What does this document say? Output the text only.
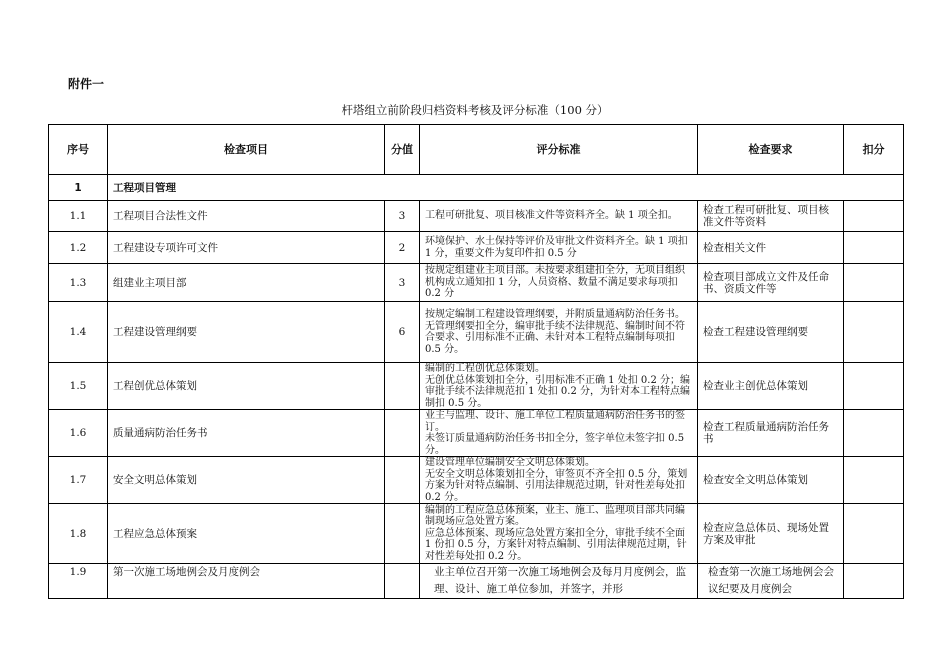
附件一
杆塔组立前阶段归档资料考核及评分标准（100 分）
序号	检查项目	分值	评分标准	检查要求	扣分
1	工程项目管理				
1.1	工程项目合法性文件	3	工程可研批复、项目核准文件等资料齐全。缺 1 项全扣。	检查工程可研批复、项目核准文件等资料	
1.2	工程建设专项许可文件	2	环境保护、水土保持等评价及审批文件资料齐全。缺 1 项扣 1 分，重要文件为复印件扣 0.5 分	检查相关文件	
1.3	组建业主项目部	3	按规定组建业主项目部。未按要求组建扣全分，无项目组织机构成立通知扣 1 分，人员资格、数量不满足要求每项扣 0.2 分	检查项目部成立文件及任命书、资质文件等	
1.4	工程建设管理纲要	6	按规定编制工程建设管理纲要，并附质量通病防治任务书。
无管理纲要扣全分，编审批手续不法律规范、编制时间不符合要求、引用标准不正确、未针对本工程特点编制每项扣 0.5 分。	检查工程建设管理纲要	
1.5	工程创优总体策划		编制的工程创优总体策划。
无创优总体策划扣全分，引用标准不正确 1 处扣 0.2 分；编审批手续不法律规范扣 1 处扣 0.2 分，为针对本工程特点编制扣 0.5 分。	检查业主创优总体策划	
1.6	质量通病防治任务书		业主与监理、设计、施工单位工程质量通病防治任务书的签订。
未签订质量通病防治任务书扣全分，签字单位未签字扣 0.5 分。	检查工程质量通病防治任务书	
1.7	安全文明总体策划		建设管理单位编制安全文明总体策划。
无安全文明总体策划扣全分，审签页不齐全扣 0.5 分，策划方案为针对特点编制、引用法律规范过期，针对性差每处扣 0.2 分。	检查安全文明总体策划	
1.8	工程应急总体预案		编制的工程应急总体预案，业主、施工、监理项目部共同编制现场应急处置方案。
应急总体预案、现场应急处置方案扣全分，审批手续不全面 1 份扣 0.5 分，方案针对特点编制、引用法律规范过期，针对性差每处扣 0.2 分。	检查应急总体员、现场处置方案及审批	
1.9	第一次施工场地例会及月度例会		业主单位召开第一次施工场地例会及每月月度例会，监理、设计、施工单位参加，并签字，并形	检查第一次施工场地例会会议纪要及月度例会	
